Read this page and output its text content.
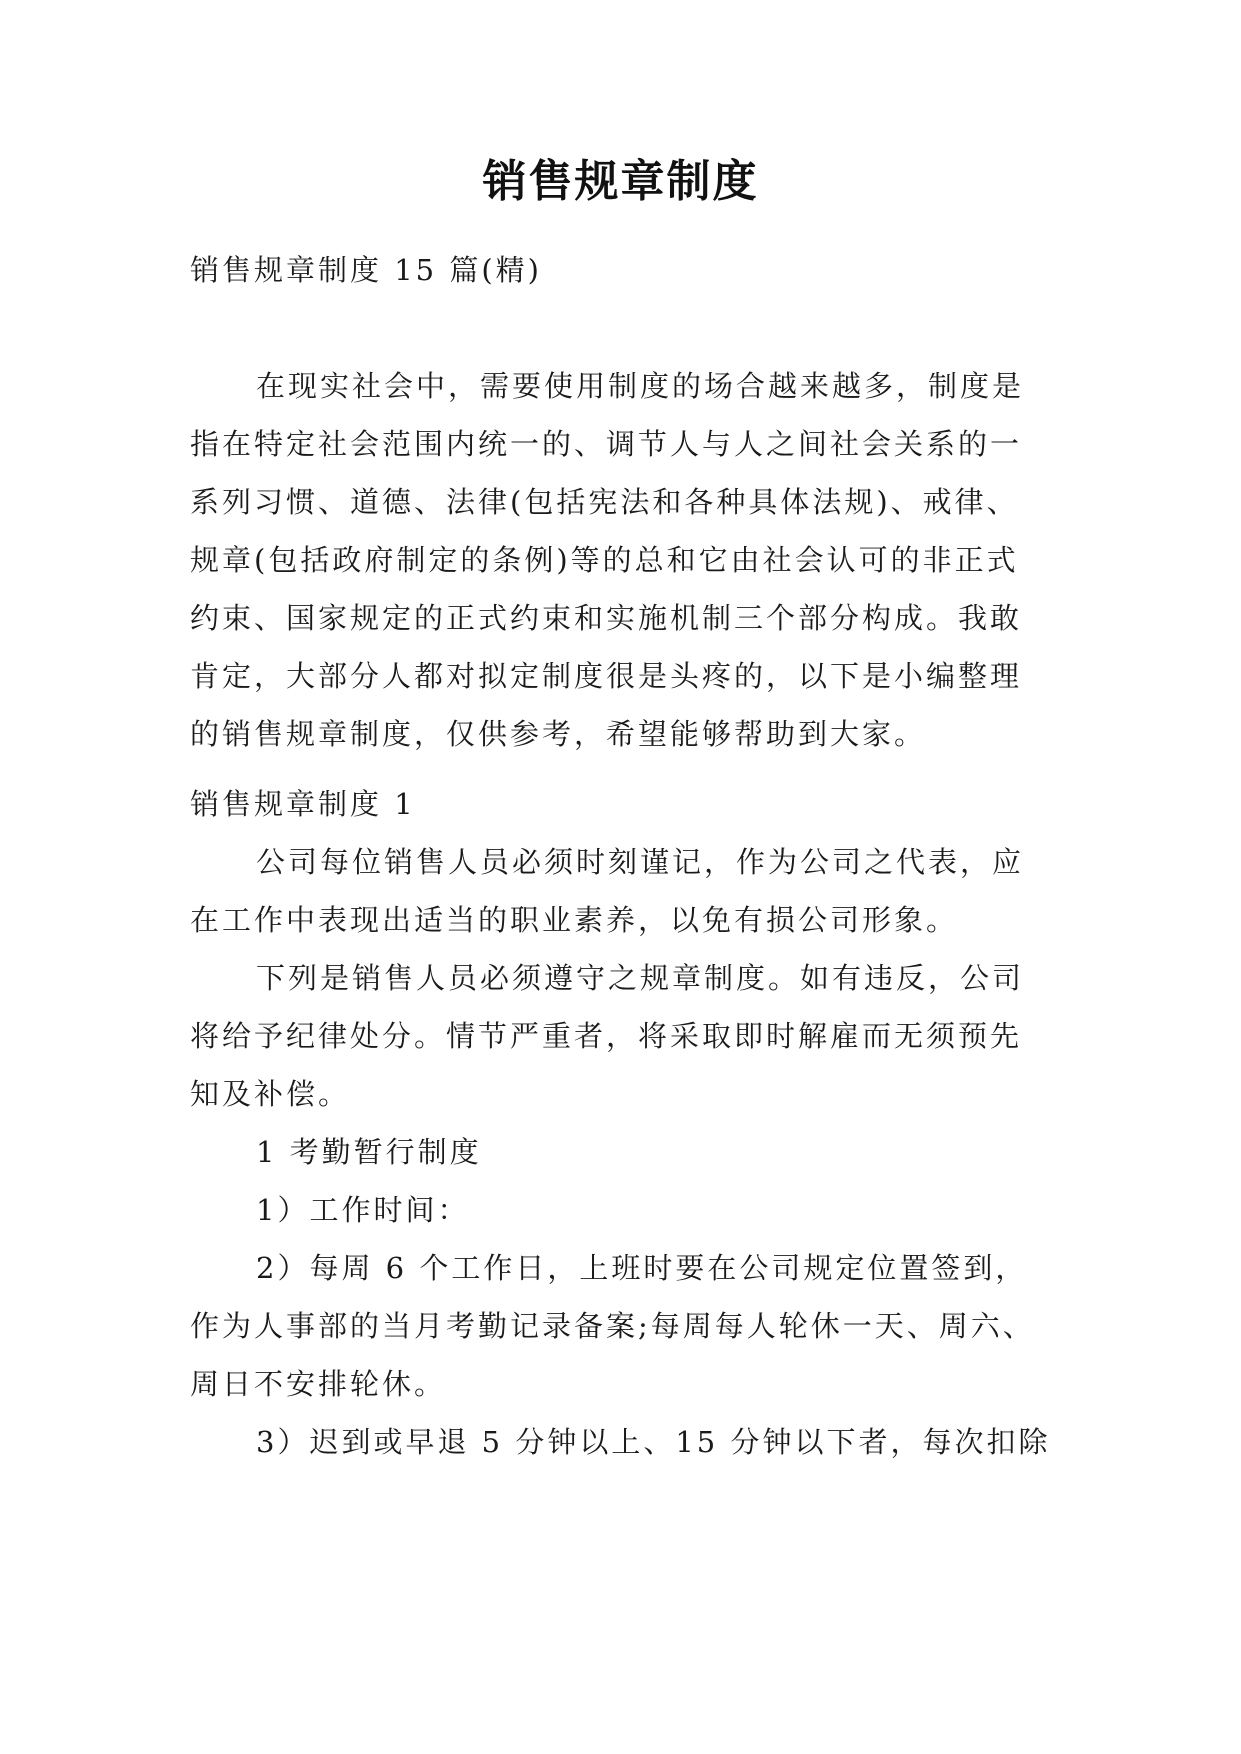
销售规章制度

销售规章制度 15 篇(精)

在现实社会中，需要使用制度的场合越来越多，制度是
指在特定社会范围内统一的、调节人与人之间社会关系的一
系列习惯、道德、法律(包括宪法和各种具体法规)、戒律、
规章(包括政府制定的条例)等的总和它由社会认可的非正式
约束、国家规定的正式约束和实施机制三个部分构成。我敢
肯定，大部分人都对拟定制度很是头疼的，以下是小编整理
的销售规章制度，仅供参考，希望能够帮助到大家。

销售规章制度 1

公司每位销售人员必须时刻谨记，作为公司之代表，应
在工作中表现出适当的职业素养，以免有损公司形象。
下列是销售人员必须遵守之规章制度。如有违反，公司
将给予纪律处分。情节严重者，将采取即时解雇而无须预先
知及补偿。

1 考勤暂行制度

1）工作时间：

2）每周 6 个工作日，上班时要在公司规定位置签到，
作为人事部的当月考勤记录备案;每周每人轮休一天、周六、
周日不安排轮休。

3）迟到或早退 5 分钟以上、15 分钟以下者，每次扣除
